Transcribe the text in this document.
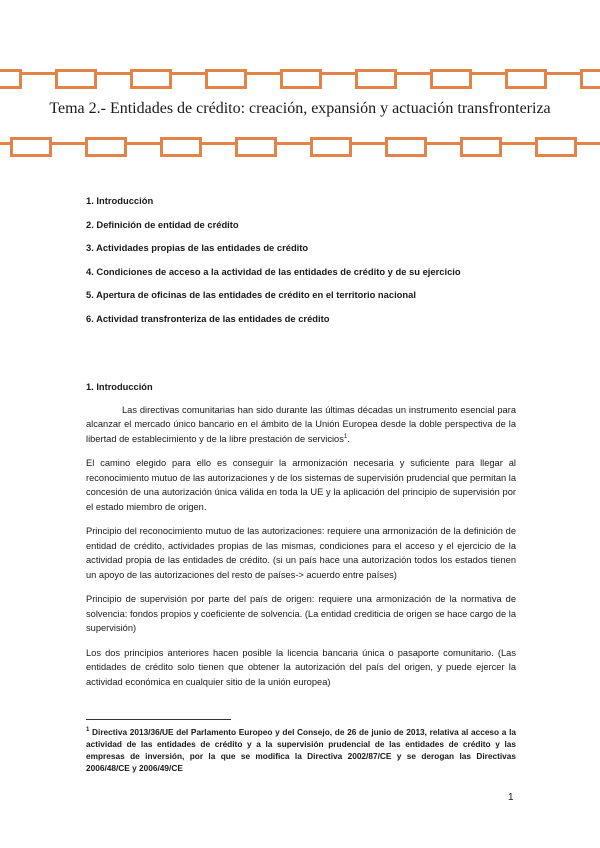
Tema 2.- Entidades de crédito: creación, expansión y actuación transfronteriza
1. Introducción
2. Definición de entidad de crédito
3. Actividades propias de las entidades de crédito
4. Condiciones de acceso a la actividad de las entidades de crédito y de su ejercicio
5. Apertura de oficinas de las entidades de crédito en el territorio nacional
6. Actividad transfronteriza de las entidades de crédito
1. Introducción

Las directivas comunitarias han sido durante las últimas décadas un instrumento esencial para alcanzar el mercado único bancario en el ámbito de la Unión Europea desde la doble perspectiva de la libertad de establecimiento y de la libre prestación de servicios$^1$.

El camino elegido para ello es conseguir la armonización necesaria y suficiente para llegar al reconocimiento mutuo de las autorizaciones y de los sistemas de supervisión prudencial que permitan la concesión de una autorización única válida en toda la UE y la aplicación del principio de supervisión por el estado miembro de origen.

Principio del reconocimiento mutuo de las autorizaciones: requiere una armonización de la definición de entidad de crédito, actividades propias de las mismas, condiciones para el acceso y el ejercicio de la actividad propia de las entidades de crédito. (si un país hace una autorización todos los estados tienen un apoyo de las autorizaciones del resto de países-> acuerdo entre países)

Principio de supervisión por parte del país de origen: requiere una armonización de la normativa de solvencia: fondos propios y coeficiente de solvencia. (La entidad crediticia de origen se hace cargo de la supervisión)

Los dos principios anteriores hacen posible la licencia bancaria única o pasaporte comunitario. (Las entidades de crédito solo tienen que obtener la autorización del país del origen, y puede ejercer la actividad económica en cualquier sitio de la unión europea)

$^1$ Directiva 2013/36/UE del Parlamento Europeo y del Consejo, de 26 de junio de 2013, relativa al acceso a la actividad de las entidades de crédito y a la supervisión prudencial de las entidades de crédito y las empresas de inversión, por la que se modifica la Directiva 2002/87/CE y se derogan las Directivas 2006/48/CE y 2006/49/CE
1
